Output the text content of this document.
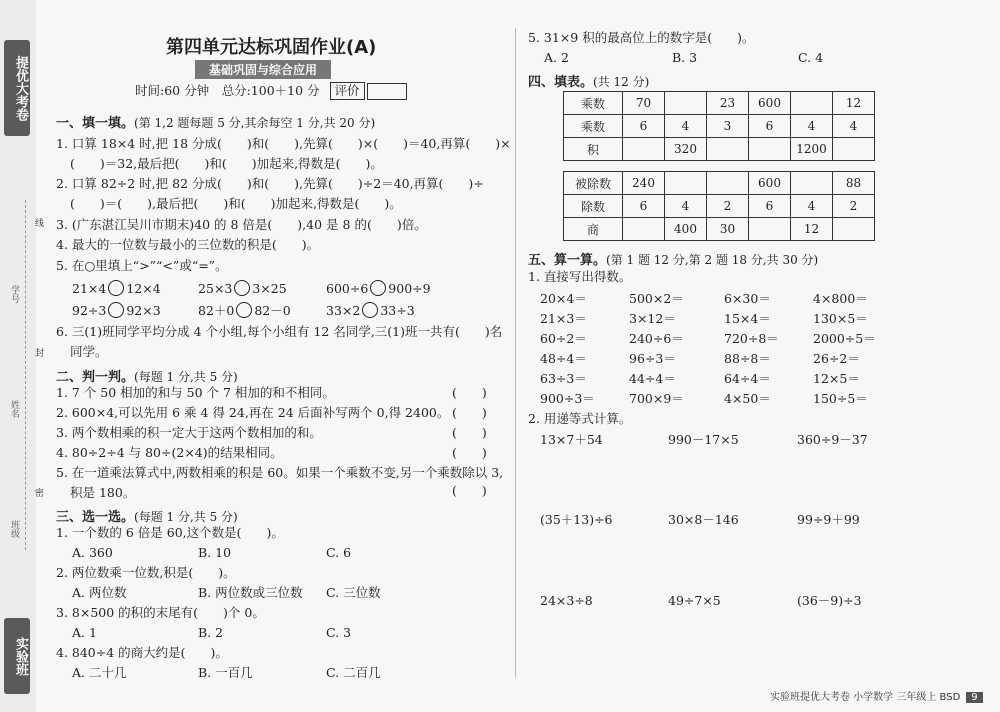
提优大考卷
学号
姓名
班级
实验班
线
封
密
第四单元达标巩固作业(A)
基础巩固与综合应用
时间:60 分钟　总分:100＋10 分 评价
一、填一填。(第 1,2 题每题 5 分,其余每空 1 分,共 20 分)
1. 口算 18×4 时,把 18 分成(　　)和(　　),先算(　　)×(　　)＝40,再算(　　)×
(　　)＝32,最后把(　　)和(　　)加起来,得数是(　　)。
2. 口算 82÷2 时,把 82 分成(　　)和(　　),先算(　　)÷2＝40,再算(　　)÷
(　　)＝(　　),最后把(　　)和(　　)加起来,得数是(　　)。
3. (广东湛江吴川市期末)40 的 8 倍是(　　),40 是 8 的(　　)倍。
4. 最大的一位数与最小的三位数的积是(　　)。
5. 在○里填上“>”“<”或“=”。
21×4 12×4	25×3 3×25	600÷6 900÷9
92÷3 92×3	82＋0 82－0	33×2 33÷3
6. 三(1)班同学平均分成 4 个小组,每个小组有 12 名同学,三(1)班一共有(　　)名
同学。
二、判一判。(每题 1 分,共 5 分)
1. 7 个 50 相加的和与 50 个 7 相加的和不相同。
2. 600×4,可以先用 6 乘 4 得 24,再在 24 后面补写两个 0,得 2400。
3. 两个数相乘的积一定大于这两个数相加的和。
4. 80÷2÷4 与 80÷(2×4)的结果相同。
5. 在一道乘法算式中,两数相乘的积是 60。如果一个乘数不变,另一个乘数除以 3,
积是 180。
(　　)
(　　)
(　　)
(　　)
(　　)
三、选一选。(每题 1 分,共 5 分)
1. 一个数的 6 倍是 60,这个数是(　　)。
A. 360	B. 10	C. 6
2. 两位数乘一位数,积是(　　)。
A. 两位数	B. 两位数或三位数 C. 三位数
3. 8×500 的积的末尾有(　　)个 0。
A. 1	B. 2	C. 3
4. 840÷4 的商大约是(　　)。
A. 二十几	B. 一百几	C. 二百几
5. 31×9 积的最高位上的数字是(　　)。
A. 2	B. 3	C. 4
四、填表。(共 12 分)
乘数	70		23	600		12
乘数	6	4	3	6	4	4
积		320			1200	
被除数	240			600		88
除数	6	4	2	6	4	2
商		400	30		12	
五、算一算。(第 1 题 12 分,第 2 题 18 分,共 30 分)
1. 直接写出得数。
20×4＝	500×2＝	6×30＝	4×800＝
21×3＝	3×12＝	15×4＝	130×5＝
60÷2＝	240÷6＝	720÷8＝	2000÷5＝
48÷4＝	96÷3＝	88÷8＝	26÷2＝
63÷3＝	44÷4＝	64÷4＝	12×5＝
900÷3＝	700×9＝	4×50＝	150÷5＝
2. 用递等式计算。
13×7＋54	990－17×5	360÷9－37
(35＋13)÷6	30×8－146	99÷9＋99
24×3÷8	49÷7×5	(36－9)÷3
实验班提优大考卷 小学数学 三年级上 BSD 9
